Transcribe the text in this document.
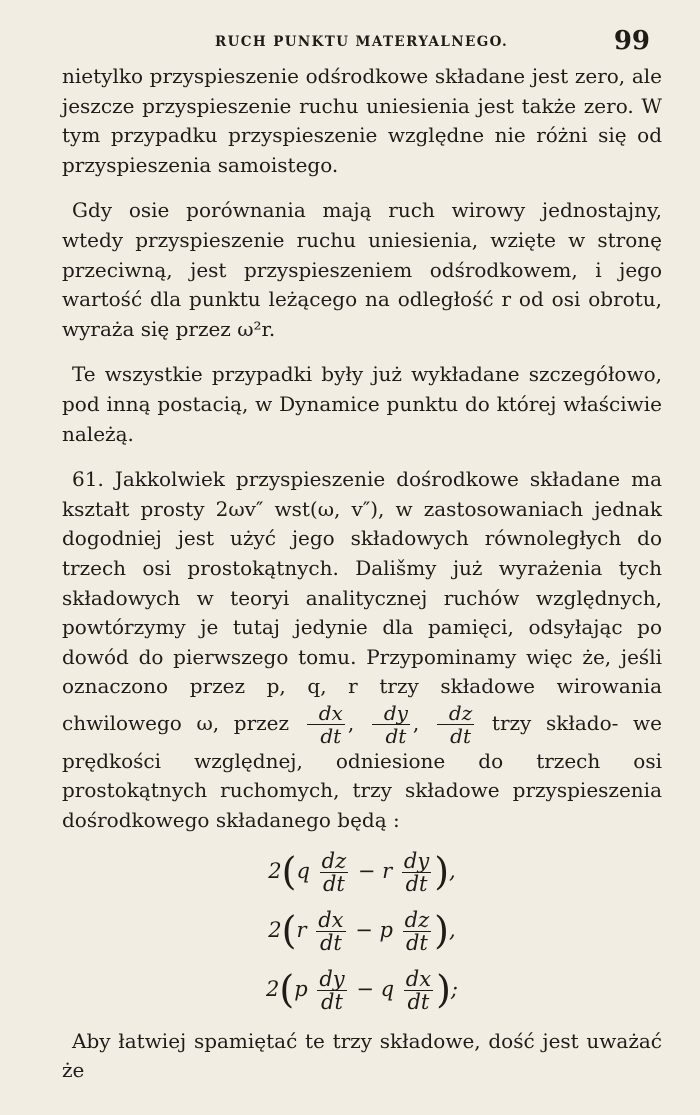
RUCH PUNKTU MATERYALNEGO.	99

nietylko przyspieszenie odśrodkowe składane jest zero, ale jeszcze przyspieszenie ruchu uniesienia jest także zero. W tym przypadku przyspieszenie względne nie różni się od przyspieszenia samoistego.

Gdy osie porównania mają ruch wirowy jednostajny, wtedy przyspieszenie ruchu uniesienia, wzięte w stronę przeciwną, jest przyspieszeniem odśrodkowem, i jego wartość dla punktu leżącego na odległość r od osi obrotu, wyraża się przez ω²r.

Te wszystkie przypadki były już wykładane szczegółowo, pod inną postacią, w Dynamice punktu do której właściwie należą.

61. Jakkolwiek przyspieszenie dośrodkowe składane ma kształt prosty 2ωv″ wst(ω, v″), w zastosowaniach jednak dogodniej jest użyć jego składowych równoległych do trzech osi prostokątnych. Dališmy już wyrażenia tych składowych w teoryi analitycznej ruchów względnych, powtórzymy je tutaj jedynie dla pamięci, odsyłając po dowód do pierwszego tomu. Przypominamy więc że, jeśli oznaczono przez p, q, r trzy składowe wirowania chwilowego ω, przez $\frac{dx}{dt}$ , $\frac{dy}{dt}$ , $\frac{dz}{dt}$ trzy składo- we prędkości względnej, odniesione do trzech osi prostokątnych ruchomych, trzy składowe przyspieszenia dośrodkowego składanego będą :

$2(q \frac{dz}{dt} - r \frac{dy}{dt}$ ),
$2(r \frac{dx}{dt} - p \frac{dz}{dt}$ ),
$2(p \frac{dy}{dt} - q \frac{dx}{dt}$ );

Aby łatwiej spamiętać te trzy składowe, dość jest uważać że
